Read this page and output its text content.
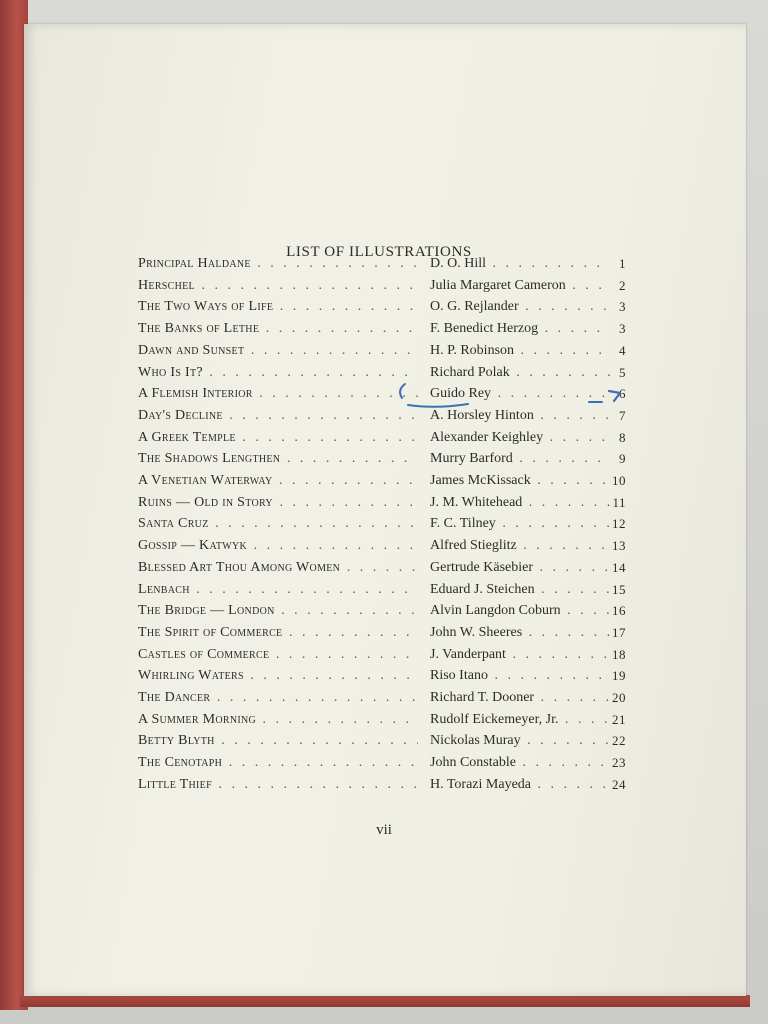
LIST OF ILLUSTRATIONS
Principal Haldane . . .	D. O. Hill . . .	1
Herschel . . .	Julia Margaret Cameron . . .	2
The Two Ways of Life . . .	O. G. Rejlander . . .	3
The Banks of Lethe . . .	F. Benedict Herzog . . .	3
Dawn and Sunset . . .	H. P. Robinson . . .	4
Who Is It? . . .	Richard Polak . . .	5
A Flemish Interior . . .	Guido Rey . . .	6
Day's Decline . . .	A. Horsley Hinton . . .	7
A Greek Temple . . .	Alexander Keighley . . .	8
The Shadows Lengthen . . .	Murry Barford . . .	9
A Venetian Waterway . . .	James McKissack . . .	10
Ruins — Old in Story . . .	J. M. Whitehead . . .	11
Santa Cruz . . .	F. C. Tilney . . .	12
Gossip — Katwyk . . .	Alfred Stieglitz . . .	13
Blessed Art Thou Among Women . . .	Gertrude Käsebier . . .	14
Lenbach . . .	Eduard J. Steichen . . .	15
The Bridge — London . . .	Alvin Langdon Coburn . . .	16
The Spirit of Commerce . . .	John W. Sheeres . . .	17
Castles of Commerce . . .	J. Vanderpant . . .	18
Whirling Waters . . .	Riso Itano . . .	19
The Dancer . . .	Richard T. Dooner . . .	20
A Summer Morning . . .	Rudolf Eickemeyer, Jr. . . .	21
Betty Blyth . . .	Nickolas Muray . . .	22
The Cenotaph . . .	John Constable . . .	23
Little Thief . . .	H. Torazi Mayeda . . .	24
vii
